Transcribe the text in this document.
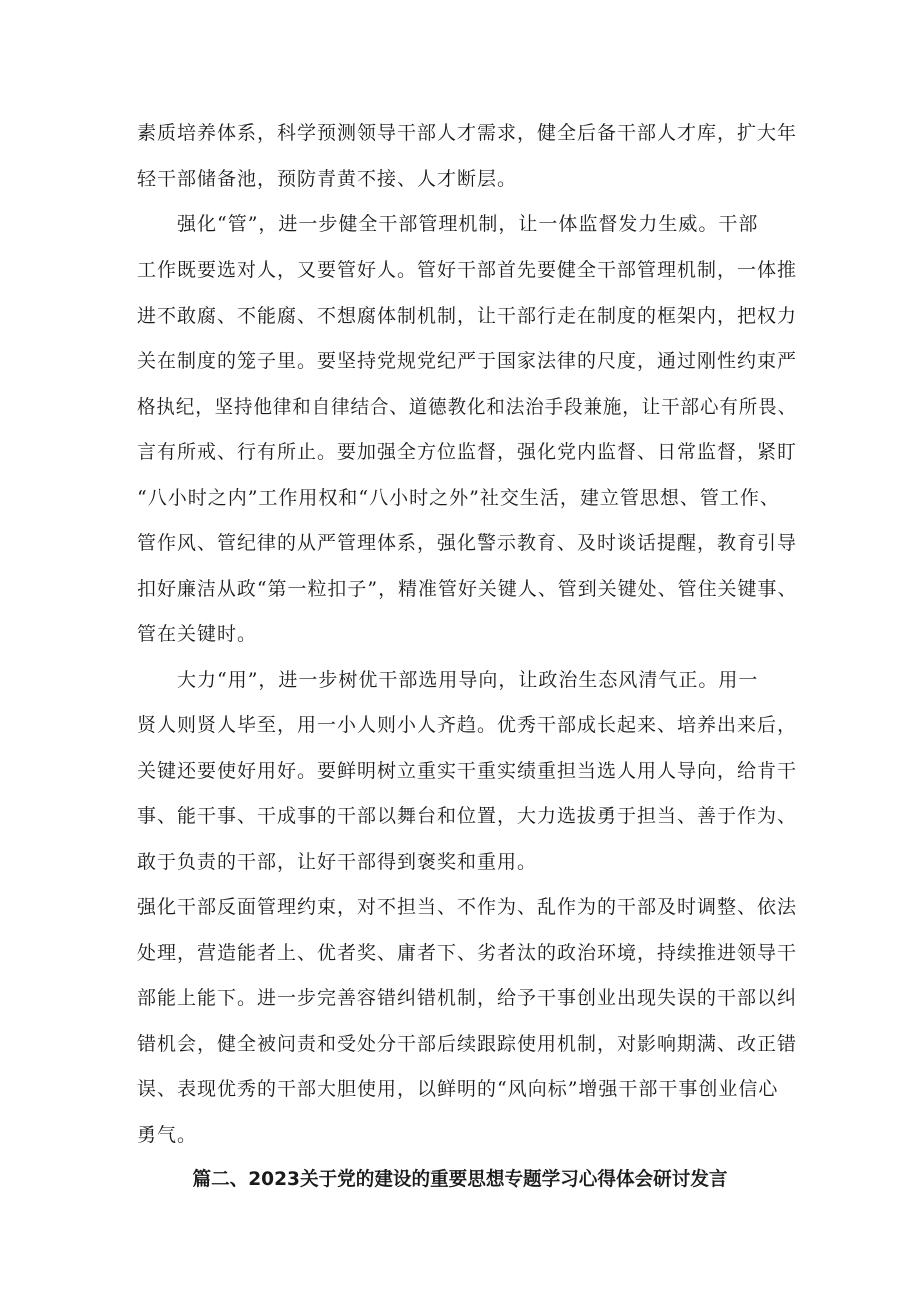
素质培养体系，科学预测领导干部人才需求，健全后备干部人才库，扩大年
轻干部储备池，预防青黄不接、人才断层。
强化“管”，进一步健全干部管理机制，让一体监督发力生威。干部
工作既要选对人，又要管好人。管好干部首先要健全干部管理机制，一体推
进不敢腐、不能腐、不想腐体制机制，让干部行走在制度的框架内，把权力
关在制度的笼子里。要坚持党规党纪严于国家法律的尺度，通过刚性约束严
格执纪，坚持他律和自律结合、道德教化和法治手段兼施，让干部心有所畏、
言有所戒、行有所止。要加强全方位监督，强化党内监督、日常监督，紧盯
“八小时之内”工作用权和“八小时之外”社交生活，建立管思想、管工作、
管作风、管纪律的从严管理体系，强化警示教育、及时谈话提醒，教育引导
扣好廉洁从政“第一粒扣子”，精准管好关键人、管到关键处、管住关键事、
管在关键时。
大力“用”，进一步树优干部选用导向，让政治生态风清气正。用一
贤人则贤人毕至，用一小人则小人齐趋。优秀干部成长起来、培养出来后，
关键还要使好用好。要鲜明树立重实干重实绩重担当选人用人导向，给肯干
事、能干事、干成事的干部以舞台和位置，大力选拔勇于担当、善于作为、
敢于负责的干部，让好干部得到褒奖和重用。
强化干部反面管理约束，对不担当、不作为、乱作为的干部及时调整、依法
处理，营造能者上、优者奖、庸者下、劣者汰的政治环境，持续推进领导干
部能上能下。进一步完善容错纠错机制，给予干事创业出现失误的干部以纠
错机会，健全被问责和受处分干部后续跟踪使用机制，对影响期满、改正错
误、表现优秀的干部大胆使用，以鲜明的“风向标”增强干部干事创业信心
勇气。
篇二、2023关于党的建设的重要思想专题学习心得体会研讨发言
